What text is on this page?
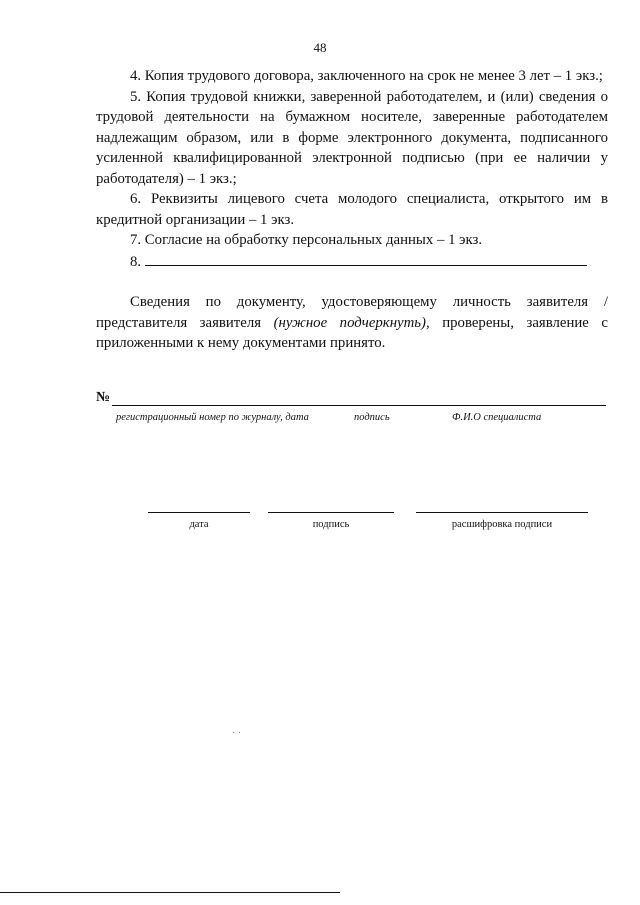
48

4. Копия трудового договора, заключенного на срок не менее 3 лет – 1 экз.;

5. Копия трудовой книжки, заверенной работодателем, и (или) сведения о трудовой деятельности на бумажном носителе, заверенные работодателем надлежащим образом, или в форме электронного документа, подписанного усиленной квалифицированной электронной подписью (при ее наличии у работодателя) – 1 экз.;

6. Реквизиты лицевого счета молодого специалиста, открытого им в кредитной организации – 1 экз.

7. Согласие на обработку персональных данных – 1 экз.

8.

Сведения по документу, удостоверяющему личность заявителя /представителя заявителя (нужное подчеркнуть), проверены, заявление с приложенными к нему документами принято.

№
регистрационный номер по журналу, дата	подпись	Ф.И.О специалиста
дата	подпись	расшифровка подписи
· ·
